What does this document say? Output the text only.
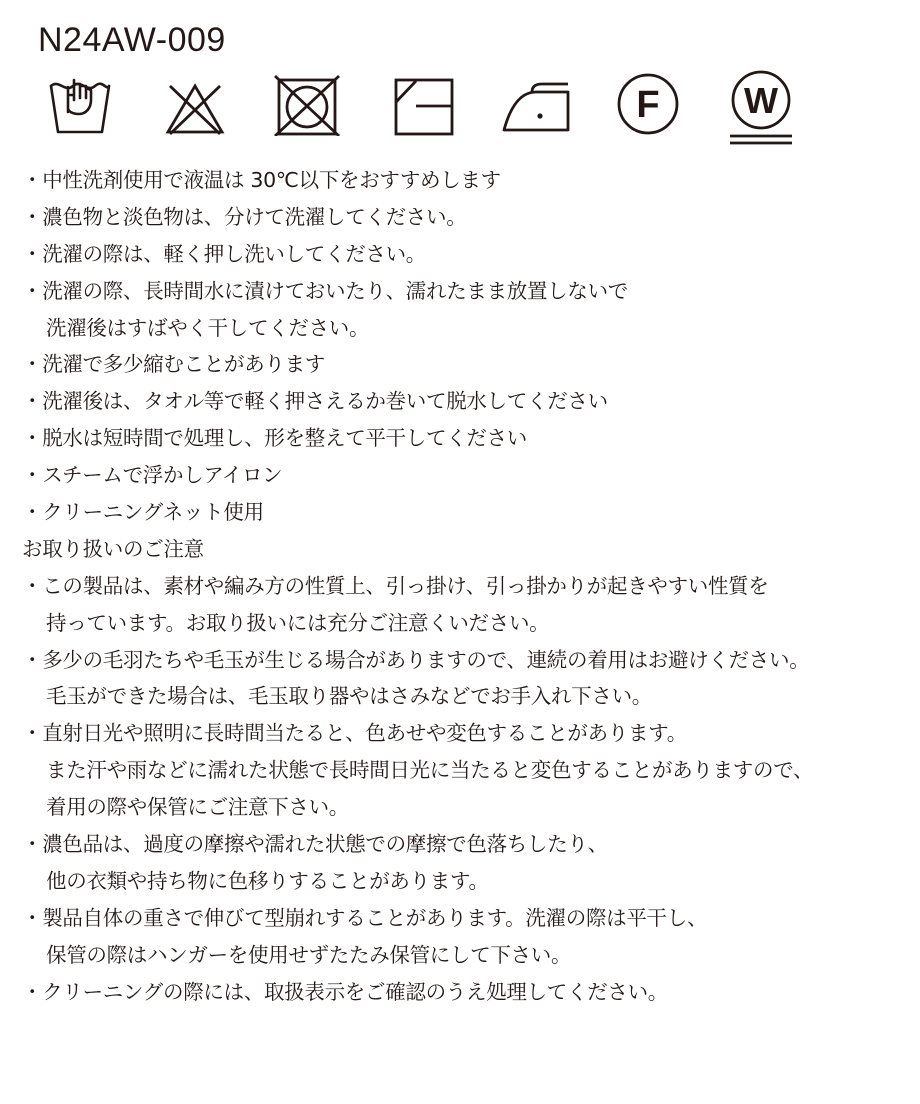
N24AW-009
F W
・中性洗剤使用で液温は 30℃以下をおすすめします
・濃色物と淡色物は、分けて洗濯してください。
・洗濯の際は、軽く押し洗いしてください。
・洗濯の際、長時間水に漬けておいたり、濡れたまま放置しないで
洗濯後はすばやく干してください。
・洗濯で多少縮むことがあります
・洗濯後は、タオル等で軽く押さえるか巻いて脱水してください
・脱水は短時間で処理し、形を整えて平干してください
・スチームで浮かしアイロン
・クリーニングネット使用
お取り扱いのご注意
・この製品は、素材や編み方の性質上、引っ掛け、引っ掛かりが起きやすい性質を
持っています。お取り扱いには充分ご注意くいださい。
・多少の毛羽たちや毛玉が生じる場合がありますので、連続の着用はお避けください。
毛玉ができた場合は、毛玉取り器やはさみなどでお手入れ下さい。
・直射日光や照明に長時間当たると、色あせや変色することがあります。
また汗や雨などに濡れた状態で長時間日光に当たると変色することがありますので、
着用の際や保管にご注意下さい。
・濃色品は、過度の摩擦や濡れた状態での摩擦で色落ちしたり、
他の衣類や持ち物に色移りすることがあります。
・製品自体の重さで伸びて型崩れすることがあります。洗濯の際は平干し、
保管の際はハンガーを使用せずたたみ保管にして下さい。
・クリーニングの際には、取扱表示をご確認のうえ処理してください。
